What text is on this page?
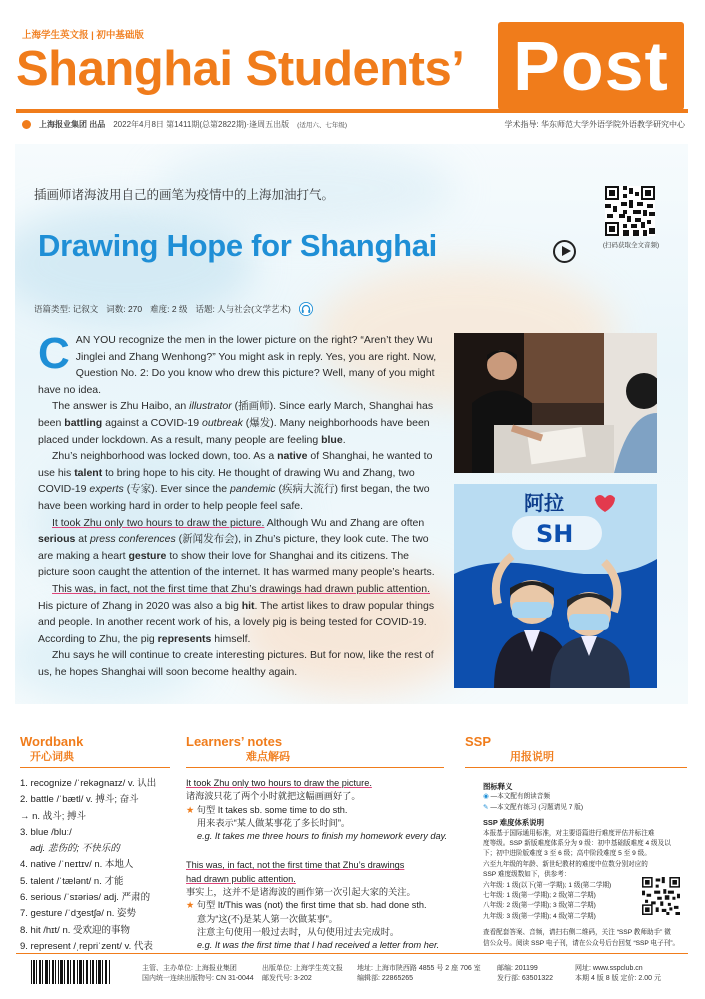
上海学生英文报 | 初中基础版
Shanghai Students’ Post
上海报业集团 出品 2022年4月8日 第1411期(总第2822期)·逢周五出版 (适用六、七年级)	学术指导: 华东师范大学外语学院外语教学研究中心
插画师诸海波用自己的画笔为疫情中的上海加油打气。
Drawing Hope for Shanghai	(扫码获取全文音频)
语篇类型: 记叙文 词数: 270 难度: 2 级 话题: 人与社会(文学艺术)

CAN YOU recognize the men in the lower picture on the right? “Aren’t they Wu Jinglei and Zhang Wenhong?” You might ask in reply. Yes, you are right. Now, Question No. 2: Do you know who drew this picture? Well, many of you might have no idea.

The answer is Zhu Haibo, an illustrator (插画师). Since early March, Shanghai has been battling against a COVID-19 outbreak (爆发). Many neighborhoods have been placed under lockdown. As a result, many people are feeling blue.

Zhu’s neighborhood was locked down, too. As a native of Shanghai, he wanted to use his talent to bring hope to his city. He thought of drawing Wu and Zhang, two COVID-19 experts (专家). Ever since the pandemic (疾病大流行) first began, the two have been working hard in order to help people feel safe.

It took Zhu only two hours to draw the picture. Although Wu and Zhang are often serious at press conferences (新闻发布会), in Zhu’s picture, they look cute. The two are making a heart gesture to show their love for Shanghai and its citizens. The picture soon caught the attention of the internet. It has warmed many people’s hearts.

This was, in fact, not the first time that Zhu’s drawings had drawn public attention. His picture of Zhang in 2020 was also a big hit. The artist likes to draw popular things and people. In another recent work of his, a lovely pig is being tested for COVID-19. According to Zhu, the pig represents himself.

Zhu says he will continue to create interesting pictures. But for now, like the rest of us, he hopes Shanghai will soon become healthy again.

阿拉
SH
Wordbank
开心词典
1. recognize /ˈrekəɡnaɪz/ v. 认出
2. battle /ˈbætl/ v. 搏斗; 奋斗
→ n. 战斗; 搏斗
3. blue /bluː/
adj. 悲伤的; 不快乐的
4. native /ˈneɪtɪv/ n. 本地人
5. talent /ˈtælənt/ n. 才能
6. serious /ˈsɪəriəs/ adj. 严肃的
7. gesture /ˈdʒestʃə/ n. 姿势
8. hit /hɪt/ n. 受欢迎的事物
9. represent /ˌrepriˈzent/ v. 代表
Learners’ notes
难点解码
It took Zhu only two hours to draw the picture.
诸海波只花了两个小时就把这幅画画好了。
★ 句型 It takes sb. some time to do sth.
用来表示“某人做某事花了多长时间”。
e.g. It takes me three hours to finish my homework every day.
This was, in fact, not the first time that Zhu’s drawings
had drawn public attention.
事实上，这并不是诸海波的画作第一次引起大家的关注。
★ 句型 It/This was (not) the first time that sb. had done sth.
意为“这(不)是某人第一次做某事”。
注意主句使用一般过去时，从句使用过去完成时。
e.g. It was the first time that I had received a letter from her.
SSP
用报说明
图标释义
◉ —本文配有朗读音频
✎ —本文配有练习 (习题请见 7 版)
SSP 难度体系说明
本报基于国际通用标准，对主要语篇进行难度评估并标注难
度等级。SSP 新版难度体系分为 9 级：初中基础版难度 4 级及以
下；初中进阶版难度 3 至 6 级；高中阶段难度 5 至 9 级。
六至九年级的年龄、新世纪教材的难度中位数分别对应的
SSP 难度级数如下，供参考：
六年级: 1 级(以下(第一学期); 1 级(第二学期)
七年级: 1 级(第一学期); 2 级(第二学期)
八年级: 2 级(第一学期); 3 级(第二学期)
九年级: 3 级(第一学期); 4 级(第二学期)
查看配套答案、音频，请扫右侧二维码，关注 “SSP 教师助手” 微
信公众号。阅读 SSP 电子刊，请在公众号后台回复 “SSP 电子刊”。
主管、主办单位: 上海报业集团
国内统一连续出版物号: CN 31-0044
出版单位: 上海学生英文报
邮发代号: 3-202
地址: 上海市陕西路 4855 号 2 座 706 室
编辑部: 22865265
邮编: 201199
发行部: 63501322
网址: www.sspclub.cn
本期 4 版 8 版 定价: 2.00 元
